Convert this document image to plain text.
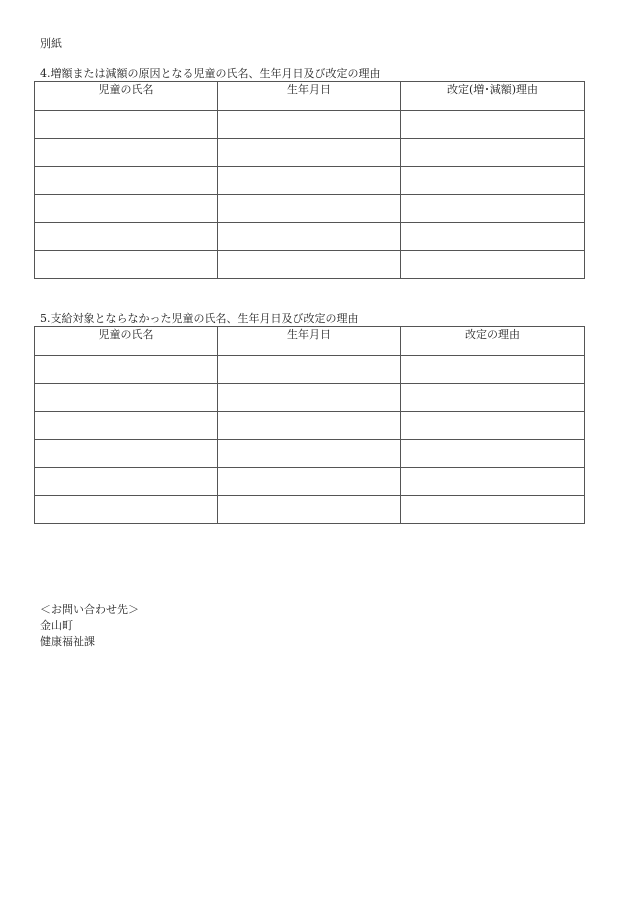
別紙
4.増額または減額の原因となる児童の氏名、生年月日及び改定の理由
児童の氏名	生年月日	改定(増･減額)理由

5.支給対象とならなかった児童の氏名、生年月日及び改定の理由
児童の氏名	生年月日	改定の理由

＜お問い合わせ先＞
金山町
健康福祉課
